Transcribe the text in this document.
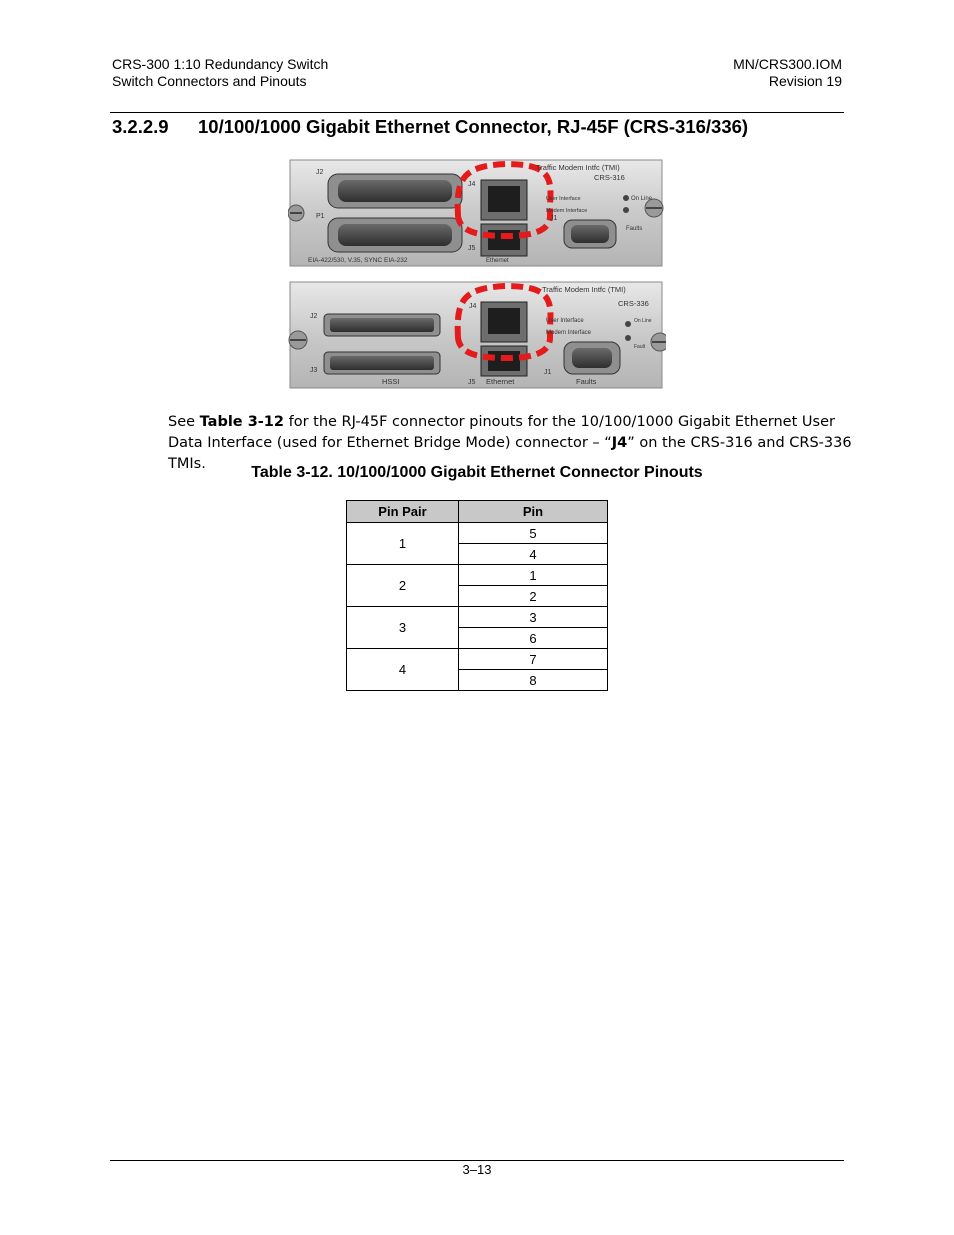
CRS-300 1:10 Redundancy Switch
Switch Connectors and Pinouts
MN/CRS300.IOM
Revision 19
3.2.2.9 10/100/1000 Gigabit Ethernet Connector, RJ-45F (CRS-316/336)
J2
P1
J4
J5
J1
Traffic Modem Intfc (TMI)
CRS-316
User Interface
Modem Interface
On Line
EIA-422/530, V.35, SYNC EIA-232	Ethernet
Faults
J2
J3
J4
J5
J1
Traffic Modem Intfc (TMI)
CRS-336
User Interface
Modem Interface
On Line
Fault
HSSI	Ethernet	Faults
See Table 3-12 for the RJ-45F connector pinouts for the 10/100/1000 Gigabit Ethernet User Data Interface (used for Ethernet Bridge Mode) connector – “J4” on the CRS-316 and CRS-336 TMIs.	Table 3-12. 10/100/1000 Gigabit Ethernet Connector Pinouts
Pin Pair	Pin
1	5
	4
2	1
	2
3	3
	6
4	7
	8
3–13
